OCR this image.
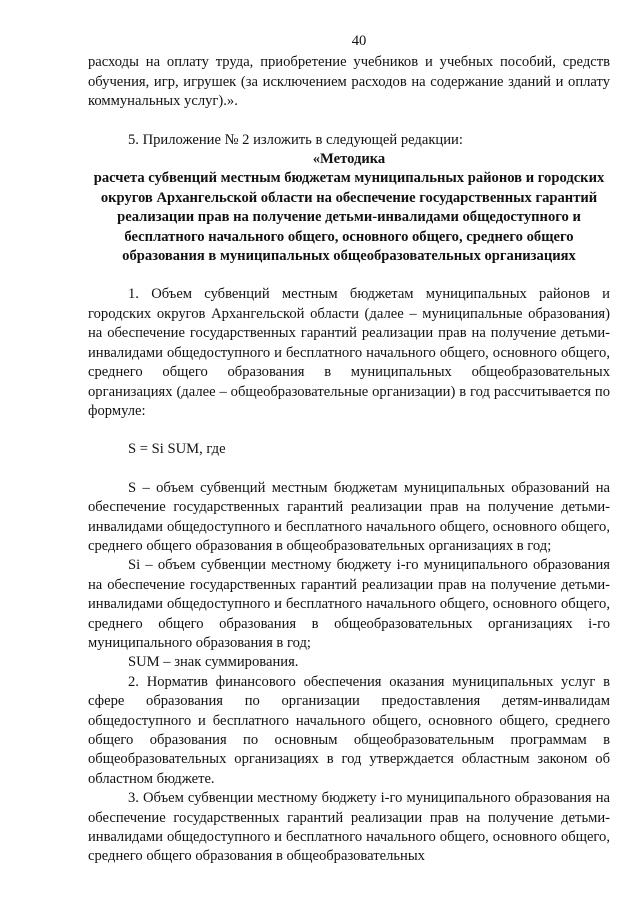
40

расходы на оплату труда, приобретение учебников и учебных пособий, средств обучения, игр, игрушек (за исключением расходов на содержание зданий и оплату коммунальных услуг).».

5. Приложение № 2 изложить в следующей редакции:

«Методика

расчета субвенций местным бюджетам муниципальных районов и городских округов Архангельской области на обеспечение государственных гарантий реализации прав на получение детьми-инвалидами общедоступного и бесплатного начального общего, основного общего, среднего общего образования в муниципальных общеобразовательных организациях

1. Объем субвенций местным бюджетам муниципальных районов и городских округов Архангельской области (далее – муниципальные образования) на обеспечение государственных гарантий реализации прав на получение детьми-инвалидами общедоступного и бесплатного начального общего, основного общего, среднего общего образования в муниципальных общеобразовательных организациях (далее – общеобразовательные организации) в год рассчитывается по формуле:

S = Si SUM, где

S – объем субвенций местным бюджетам муниципальных образований на обеспечение государственных гарантий реализации прав на получение детьми-инвалидами общедоступного и бесплатного начального общего, основного общего, среднего общего образования в общеобразовательных организациях в год;

Si – объем субвенции местному бюджету i-го муниципального образования на обеспечение государственных гарантий реализации прав на получение детьми-инвалидами общедоступного и бесплатного начального общего, основного общего, среднего общего образования в общеобразовательных организациях i-го муниципального образования в год;

SUM – знак суммирования.

2. Норматив финансового обеспечения оказания муниципальных услуг в сфере образования по организации предоставления детям-инвалидам общедоступного и бесплатного начального общего, основного общего, среднего общего образования по основным общеобразовательным программам в общеобразовательных организациях в год утверждается областным законом об областном бюджете.

3. Объем субвенции местному бюджету i-го муниципального образования на обеспечение государственных гарантий реализации прав на получение детьми-инвалидами общедоступного и бесплатного начального общего, основного общего, среднего общего образования в общеобразовательных
